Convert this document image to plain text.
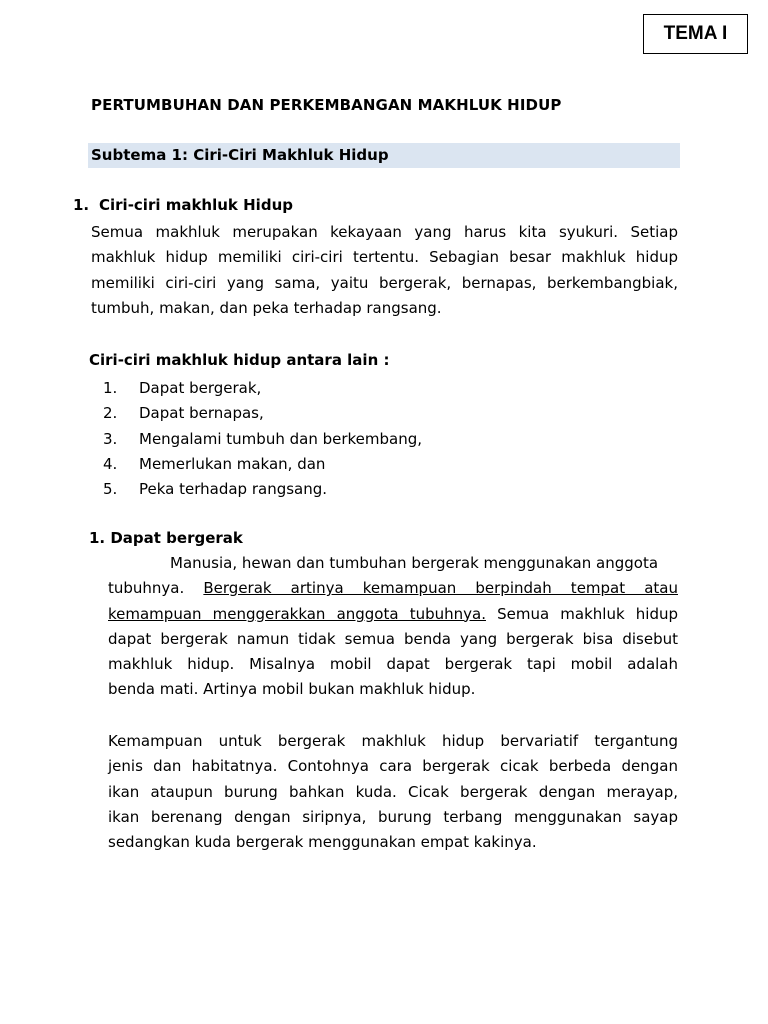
TEMA I
PERTUMBUHAN DAN PERKEMBANGAN MAKHLUK HIDUP
Subtema 1: Ciri-Ciri Makhluk Hidup
1. Ciri-ciri makhluk Hidup
Semua makhluk merupakan kekayaan yang harus kita syukuri. Setiap
makhluk hidup memiliki ciri-ciri tertentu. Sebagian besar makhluk hidup
memiliki ciri-ciri yang sama, yaitu bergerak, bernapas, berkembangbiak,
tumbuh, makan, dan peka terhadap rangsang.
Ciri-ciri makhluk hidup antara lain :
1. Dapat bergerak,
2. Dapat bernapas,
3. Mengalami tumbuh dan berkembang,
4. Memerlukan makan, dan
5. Peka terhadap rangsang.
1. Dapat bergerak
Manusia, hewan dan tumbuhan bergerak menggunakan anggota
tubuhnya. Bergerak artinya kemampuan berpindah tempat atau
kemampuan menggerakkan anggota tubuhnya. Semua makhluk hidup
dapat bergerak namun tidak semua benda yang bergerak bisa disebut
makhluk hidup. Misalnya mobil dapat bergerak tapi mobil adalah
benda mati. Artinya mobil bukan makhluk hidup.
Kemampuan untuk bergerak makhluk hidup bervariatif tergantung
jenis dan habitatnya. Contohnya cara bergerak cicak berbeda dengan
ikan ataupun burung bahkan kuda. Cicak bergerak dengan merayap,
ikan berenang dengan siripnya, burung terbang menggunakan sayap
sedangkan kuda bergerak menggunakan empat kakinya.
